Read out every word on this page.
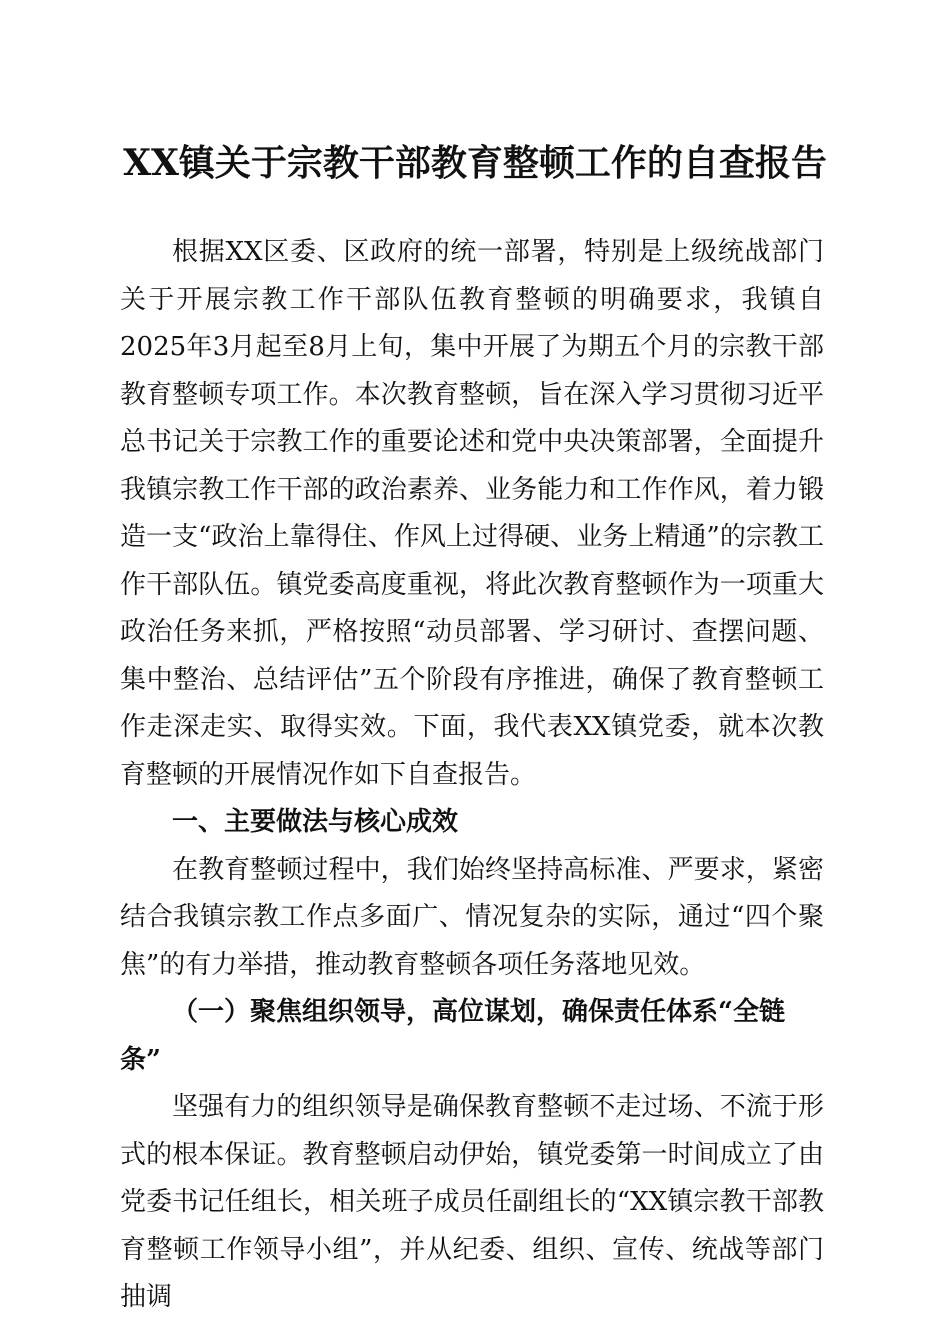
XX镇关于宗教干部教育整顿工作的自查报告

根据XX区委、区政府的统一部署，特别是上级统战部门关于开展宗教工作干部队伍教育整顿的明确要求，我镇自2025年3月起至8月上旬，集中开展了为期五个月的宗教干部教育整顿专项工作。本次教育整顿，旨在深入学习贯彻习近平总书记关于宗教工作的重要论述和党中央决策部署，全面提升我镇宗教工作干部的政治素养、业务能力和工作作风，着力锻造一支“政治上靠得住、作风上过得硬、业务上精通”的宗教工作干部队伍。镇党委高度重视，将此次教育整顿作为一项重大政治任务来抓，严格按照“动员部署、学习研讨、查摆问题、集中整治、总结评估”五个阶段有序推进，确保了教育整顿工作走深走实、取得实效。下面，我代表XX镇党委，就本次教育整顿的开展情况作如下自查报告。

一、主要做法与核心成效

在教育整顿过程中，我们始终坚持高标准、严要求，紧密结合我镇宗教工作点多面广、情况复杂的实际，通过“四个聚焦”的有力举措，推动教育整顿各项任务落地见效。

（一）聚焦组织领导，高位谋划，确保责任体系“全链条”

坚强有力的组织领导是确保教育整顿不走过场、不流于形式的根本保证。教育整顿启动伊始，镇党委第一时间成立了由党委书记任组长，相关班子成员任副组长的“XX镇宗教干部教育整顿工作领导小组”，并从纪委、组织、宣传、统战等部门抽调
